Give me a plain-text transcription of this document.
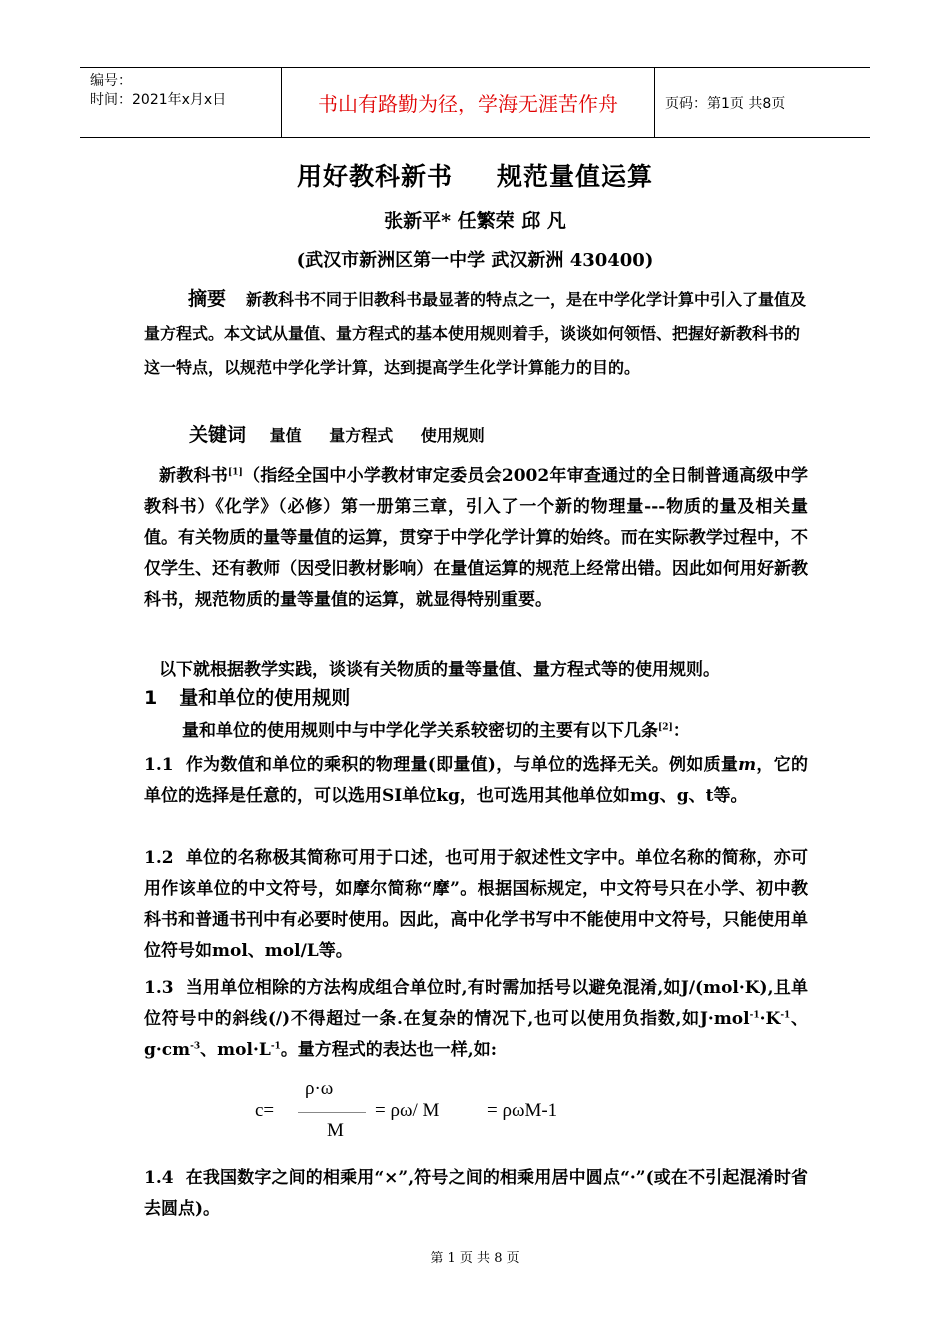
编号：
时间：2021年x月x日	书山有路勤为径，学海无涯苦作舟	页码：第1页 共8页
用好教科新书 规范量值运算
张新平* 任繁荣 邱 凡
(武汉市新洲区第一中学 武汉新洲 430400)
摘要 新教科书不同于旧教科书最显著的特点之一，是在中学化学计算中引入了量值及量方程式。本文试从量值、量方程式的基本使用规则着手，谈谈如何领悟、把握好新教科书的这一特点，以规范中学化学计算，达到提高学生化学计算能力的目的。
关键词 量值 量方程式 使用规则

新教科书[1]（指经全国中小学教材审定委员会2002年审查通过的全日制普通高级中学教科书）《化学》（必修）第一册第三章，引入了一个新的物理量---物质的量及相关量值。有关物质的量等量值的运算，贯穿于中学化学计算的始终。而在实际教学过程中，不仅学生、还有教师（因受旧教材影响）在量值运算的规范上经常出错。因此如何用好新教科书，规范物质的量等量值的运算，就显得特别重要。

以下就根据教学实践，谈谈有关物质的量等量值、量方程式等的使用规则。

1 量和单位的使用规则

量和单位的使用规则中与中学化学关系较密切的主要有以下几条[2]：

1.1 作为数值和单位的乘积的物理量(即量值)，与单位的选择无关。例如质量m，它的单位的选择是任意的，可以选用SI单位kg，也可选用其他单位如mg、g、t等。

1.2 单位的名称极其简称可用于口述，也可用于叙述性文字中。单位名称的简称，亦可用作该单位的中文符号，如摩尔简称“摩”。根据国标规定，中文符号只在小学、初中教科书和普通书刊中有必要时使用。因此，高中化学书写中不能使用中文符号，只能使用单位符号如mol、mol/L等。

1.3 当用单位相除的方法构成组合单位时,有时需加括号以避免混淆,如J/(mol·K),且单位符号中的斜线(/)不得超过一条.在复杂的情况下,也可以使用负指数,如$J\cdot mol^{-1}\cdot K^{-1}$、$g\cdot cm^{-3}$、$mol\cdot L^{-1}$。量方程式的表达也一样,如:

c=
ρ·ω
M
= ρω/ M	= ρωM-1

1.4 在我国数字之间的相乘用“×”,符号之间的相乘用居中圆点“·”(或在不引起混淆时省去圆点)。

第 1 页 共 8 页
